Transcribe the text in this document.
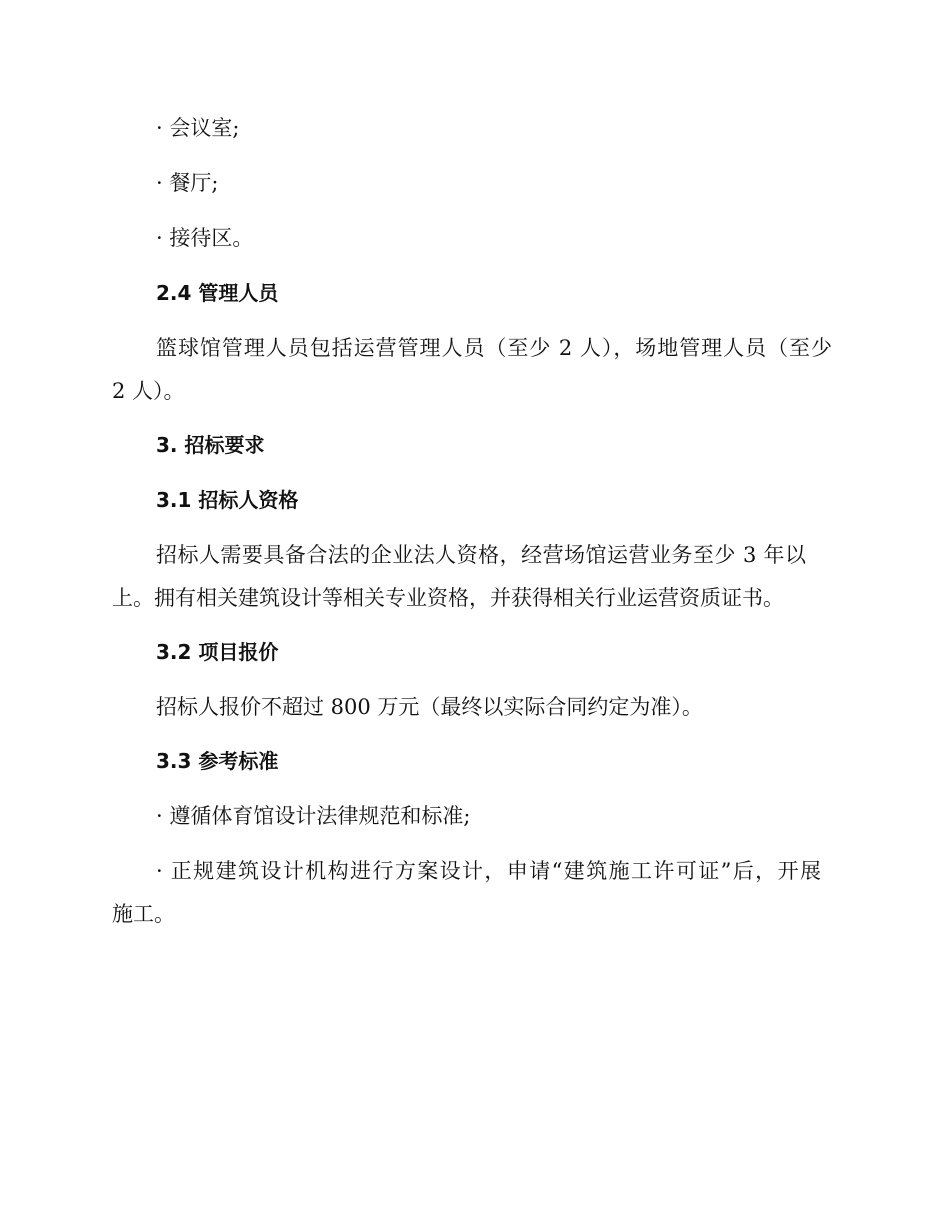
· 会议室;
· 餐厅;
· 接待区。
2.4 管理人员
篮球馆管理人员包括运营管理人员（至少 2 人），场地管理人员（至少
2 人）。
3. 招标要求
3.1 招标人资格
招标人需要具备合法的企业法人资格，经营场馆运营业务至少 3 年以
上。拥有相关建筑设计等相关专业资格，并获得相关行业运营资质证书。
3.2 项目报价
招标人报价不超过 800 万元（最终以实际合同约定为准）。
3.3 参考标准
· 遵循体育馆设计法律规范和标准;
· 正规建筑设计机构进行方案设计，申请“建筑施工许可证”后，开展
施工。
